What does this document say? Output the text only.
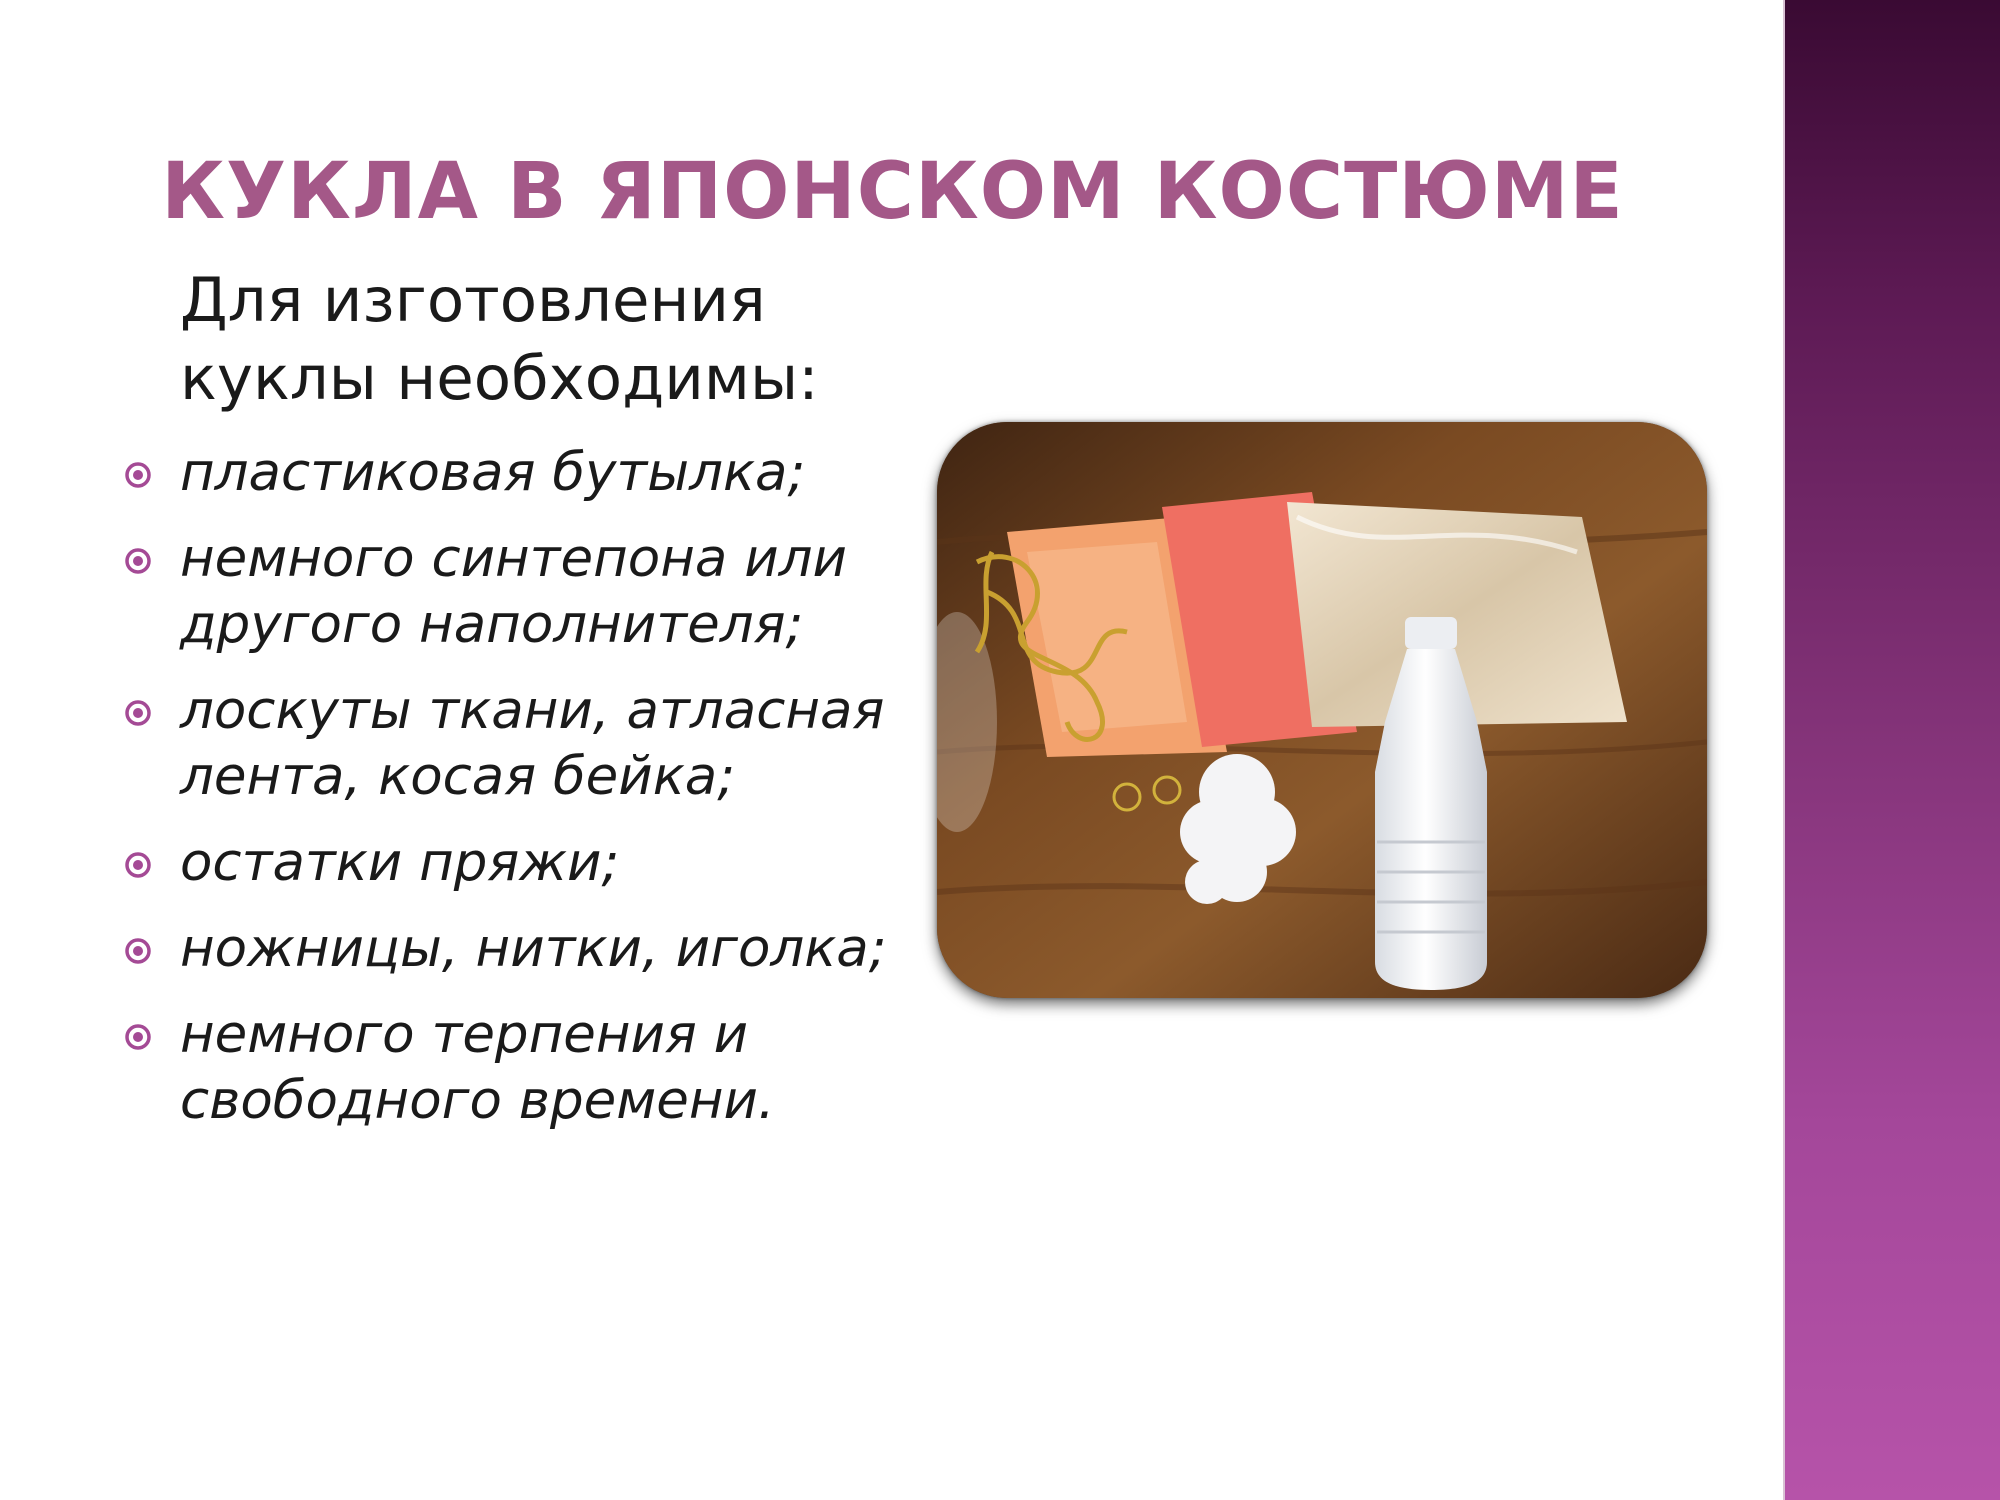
КУКЛА В ЯПОНСКОМ КОСТЮМЕ
Для изготовления куклы необходимы:
пластиковая бутылка;
немного синтепона или другого наполнителя;
лоскуты ткани, атласная лента, косая бейка;
остатки пряжи;
ножницы, нитки, иголка;
немного терпения и свободного времени.
